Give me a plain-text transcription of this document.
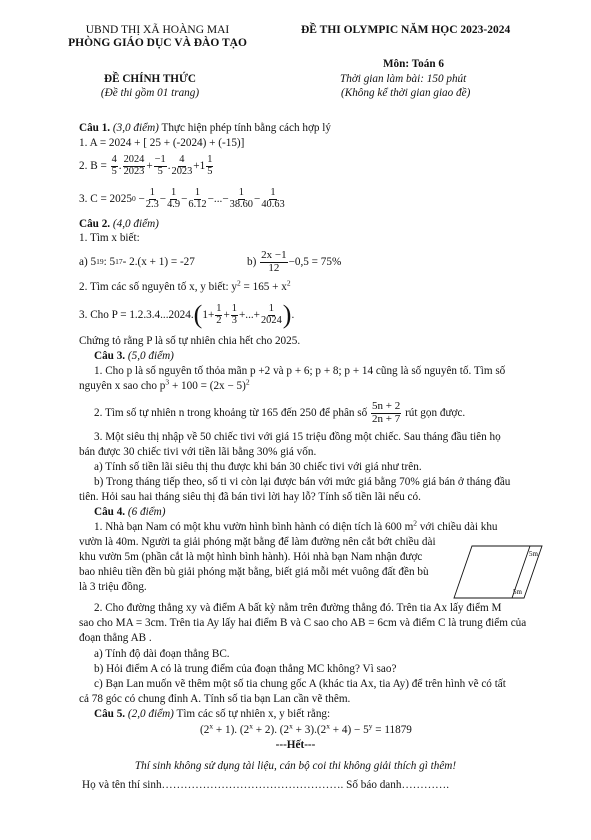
UBND THỊ XÃ HOÀNG MAI
PHÒNG GIÁO DỤC VÀ ĐÀO TẠO
ĐỀ THI OLYMPIC NĂM HỌC 2023-2024
Môn: Toán 6
ĐỀ CHÍNH THỨC
(Đề thi gồm 01 trang)
Thời gian làm bài: 150 phút
(Không kể thời gian giao đề)
Câu 1. (3,0 điểm) Thực hiện phép tính bằng cách hợp lý
1. A = 2024 + [ 25 + (-2024) + (-15)]
2. B =
$\frac{4}{5}$ . $\frac{2024}{2023} + \frac{-1}{5}$ . $\frac{4}{2023} + 1 \frac{1}{5}$
3. C = 2025 $0 - \frac{1}{2.3} - \frac{1}{4.9} - \frac{1}{6.12}$ − ... − $\frac{1}{38.60} - \frac{1}{40.63}$
Câu 2. (4,0 điểm)
1. Tìm x biết:
a) 5 19 : 5 17 - 2.(x + 1) = -27	b)
$\frac{2x -1}{12} -0,5 = 75\%$
2. Tìm các số nguyên tố x, y biết: $y^2 = 165 + x^2$
3. Cho P = 1.2.3.4...2024. ( $1+ \frac{1}{2} + \frac{1}{3}$ +...+ $\frac{1}{2024}$ ) .
Chứng tỏ rằng P là số tự nhiên chia hết cho 2025.
Câu 3. (5,0 điểm)
1. Cho p là số nguyên tố thỏa mãn p +2 và p + 6; p + 8; p + 14 cũng là số nguyên tố. Tìm số
nguyên x sao cho $p^3 + 100 = (2x - 5)^2$
2. Tìm số tự nhiên n trong khoảng từ 165 đến 250 để phân số
$\frac{5n + 2}{2n + 7}$
rút gọn được.
3. Một siêu thị nhập về 50 chiếc tivi với giá 15 triệu đồng một chiếc. Sau tháng đầu tiên họ
bán được 30 chiếc tivi với tiền lãi bằng 30% giá vốn.
a) Tính số tiền lãi siêu thị thu được khi bán 30 chiếc tivi với giá như trên.
b) Trong tháng tiếp theo, số ti vi còn lại được bán với mức giá bằng 70% giá bán ở tháng đầu
tiên. Hỏi sau hai tháng siêu thị đã bán tivi lời hay lỗ? Tính số tiền lãi nếu có.
Câu 4. (6 điểm)
1. Nhà bạn Nam có một khu vườn hình bình hành có diện tích là 600 $m^2$ với chiều dài khu
vườn là 40m. Người ta giải phóng mặt bằng để làm đường nên cắt bớt chiều dài
khu vườn 5m (phần cắt là một hình bình hành). Hỏi nhà bạn Nam nhận được
bao nhiêu tiền đền bù giải phóng mặt bằng, biết giá mỗi mét vuông đất đền bù
là 3 triệu đồng.
5m
5m
2. Cho đường thẳng xy và điểm A bất kỳ nằm trên đường thẳng đó. Trên tia Ax lấy điểm M
sao cho MA = 3cm. Trên tia Ay lấy hai điểm B và C sao cho AB = 6cm và điểm C là trung điểm của
đoạn thẳng AB .
a) Tính độ dài đoạn thẳng BC.
b) Hỏi điểm A có là trung điểm của đoạn thẳng MC không? Vì sao?
c) Bạn Lan muốn vẽ thêm một số tia chung gốc A (khác tia Ax, tia Ay) để trên hình vẽ có tất
cả 78 góc có chung đỉnh A. Tính số tia bạn Lan cần vẽ thêm.
Câu 5. (2,0 điểm) Tìm các số tự nhiên x, y biết rằng:
$(2^x + 1)$. $(2^x + 2)$. $(2^x + 3).(2^x + 4) - 5^y = 11879$
---Hết---
Thí sinh không sử dụng tài liệu, cán bộ coi thi không giải thích gì thêm!
Họ và tên thí sinh…………………………………………. Số báo danh………….
